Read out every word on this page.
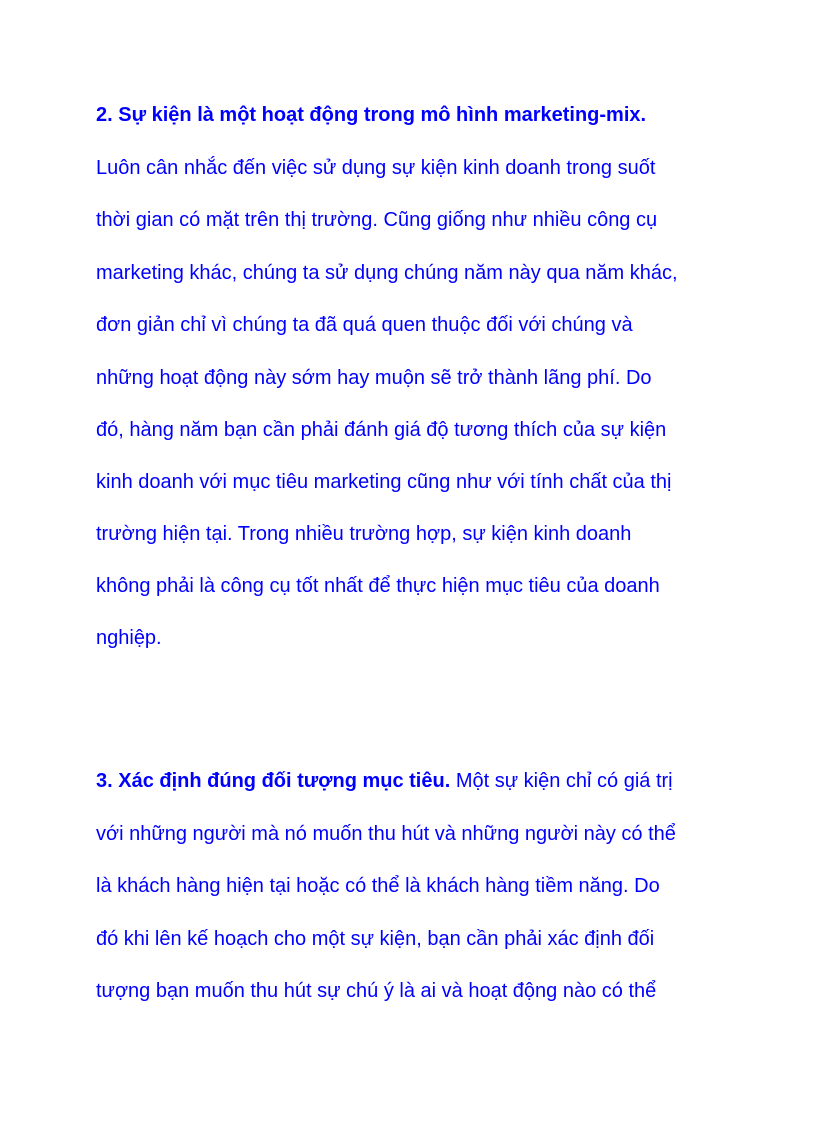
2. Sự kiện là một hoạt động trong mô hình marketing-mix.

Luôn cân nhắc đến việc sử dụng sự kiện kinh doanh trong suốt

thời gian có mặt trên thị trường. Cũng giống như nhiều công cụ

marketing khác, chúng ta sử dụng chúng năm này qua năm khác,

đơn giản chỉ vì chúng ta đã quá quen thuộc đối với chúng và

những hoạt động này sớm hay muộn sẽ trở thành lãng phí. Do

đó, hàng năm bạn cần phải đánh giá độ tương thích của sự kiện

kinh doanh với mục tiêu marketing cũng như với tính chất của thị

trường hiện tại. Trong nhiều trường hợp, sự kiện kinh doanh

không phải là công cụ tốt nhất để thực hiện mục tiêu của doanh

nghiệp.

3. Xác định đúng đối tượng mục tiêu. Một sự kiện chỉ có giá trị

với những người mà nó muốn thu hút và những người này có thể

là khách hàng hiện tại hoặc có thể là khách hàng tiềm năng. Do

đó khi lên kế hoạch cho một sự kiện, bạn cần phải xác định đối

tượng bạn muốn thu hút sự chú ý là ai và hoạt động nào có thể
